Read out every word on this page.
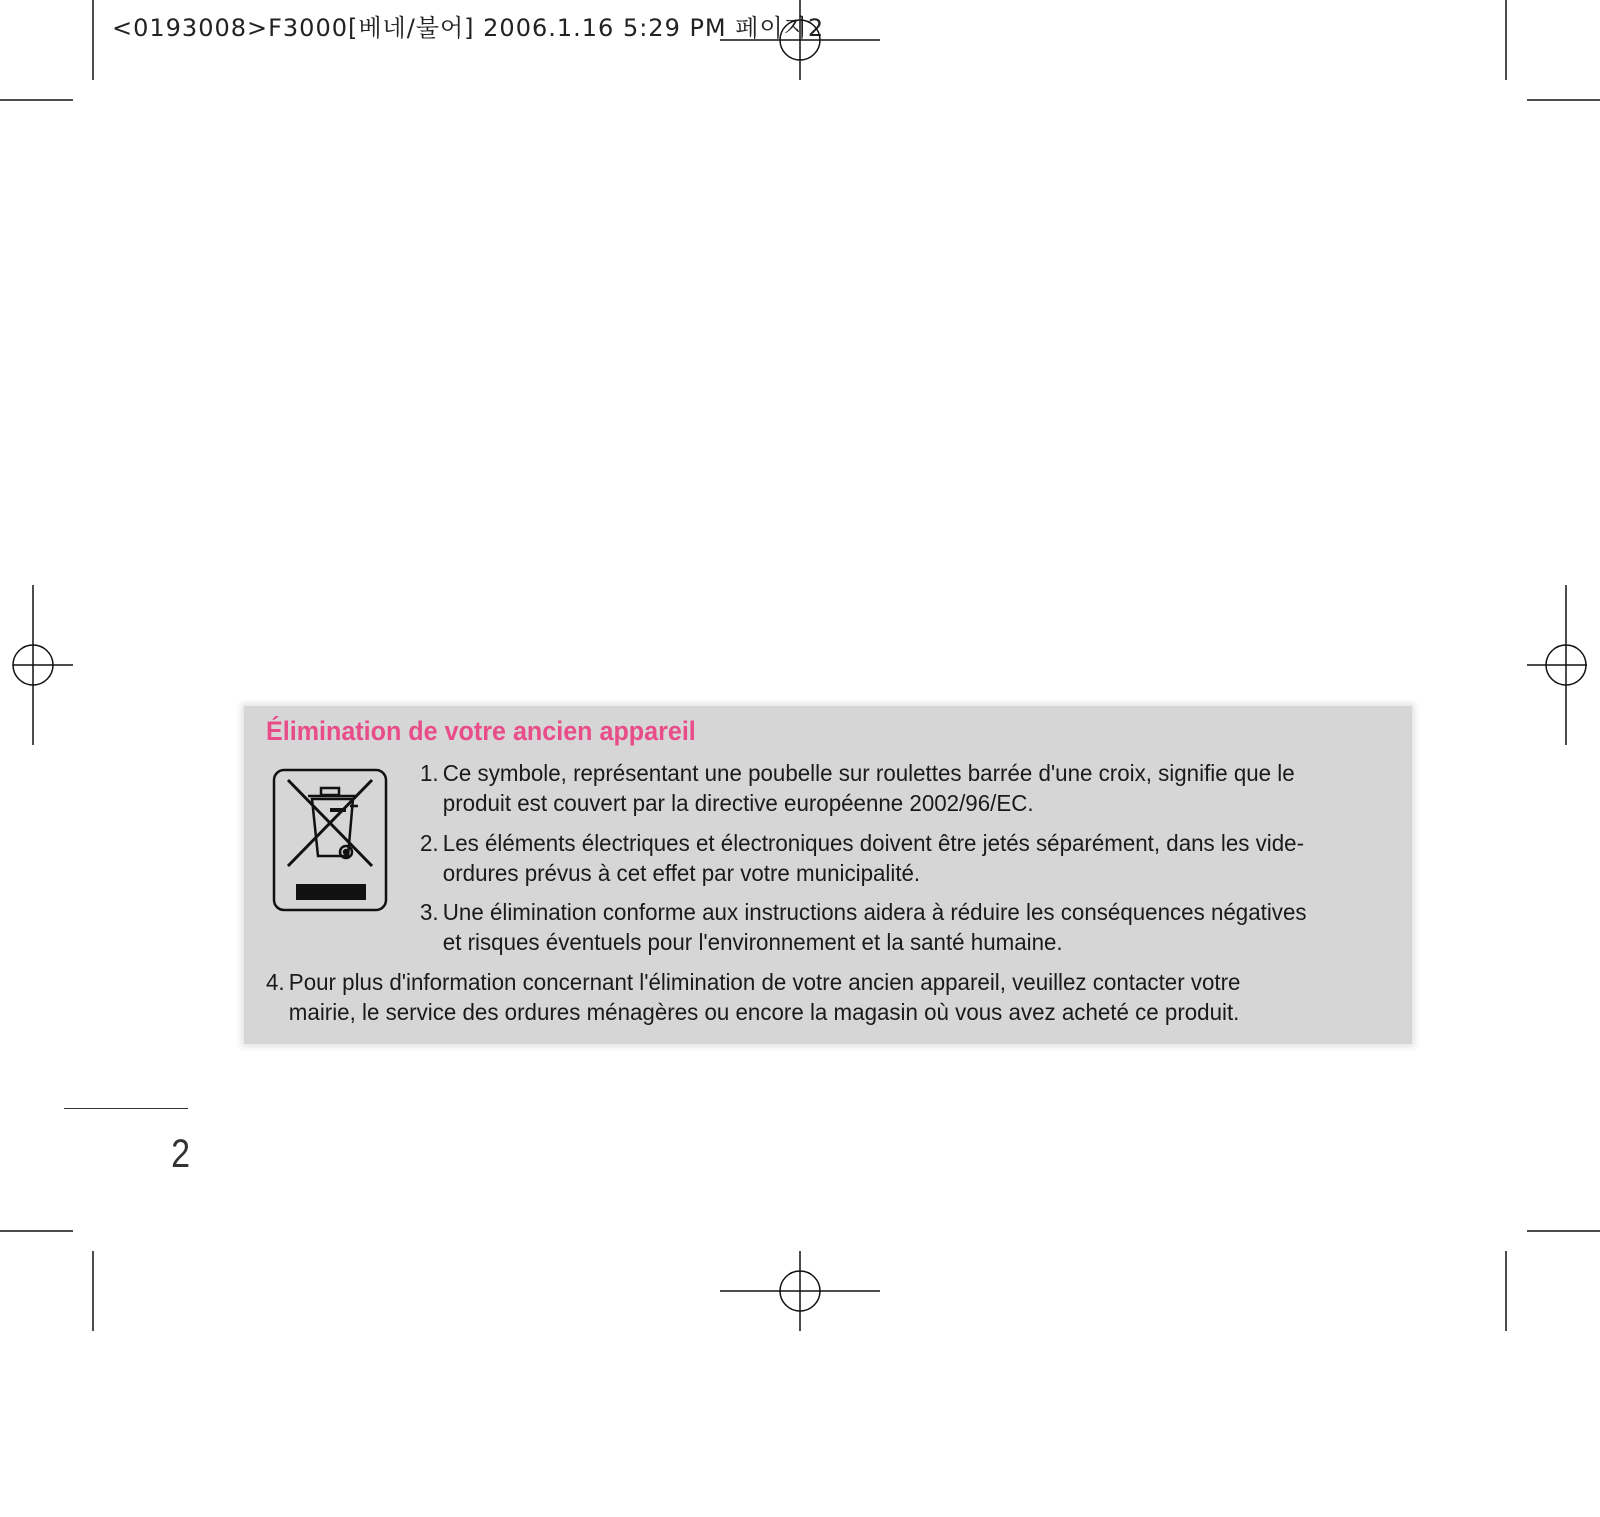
<0193008>F3000[베네/불어] 2006.1.16 5:29 PM 페이지2
Élimination de votre ancien appareil
1. Ce symbole, représentant une poubelle sur roulettes barrée d'une croix, signifie que le
produit est couvert par la directive européenne 2002/96/EC.
2. Les éléments électriques et électroniques doivent être jetés séparément, dans les vide-
ordures prévus à cet effet par votre municipalité.
3. Une élimination conforme aux instructions aidera à réduire les conséquences négatives
et risques éventuels pour l'environnement et la santé humaine.
4. Pour plus d'information concernant l'élimination de votre ancien appareil, veuillez contacter votre
mairie, le service des ordures ménagères ou encore la magasin où vous avez acheté ce produit.
2
